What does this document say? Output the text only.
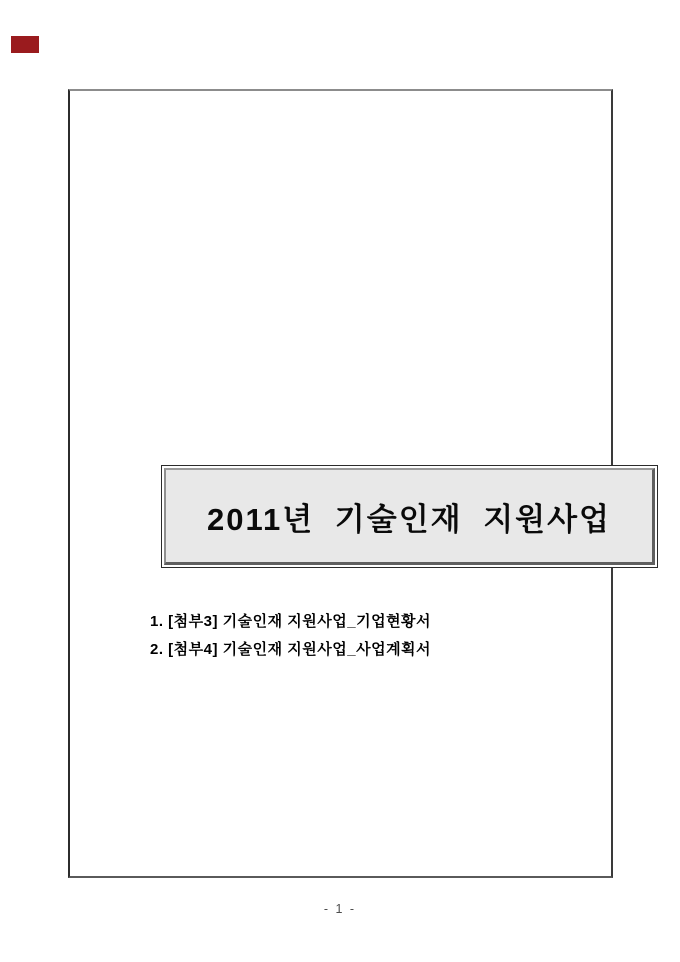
2011년 기술인재 지원사업
1. [첨부3] 기술인재 지원사업_기업현황서
2. [첨부4] 기술인재 지원사업_사업계획서
- 1 -
